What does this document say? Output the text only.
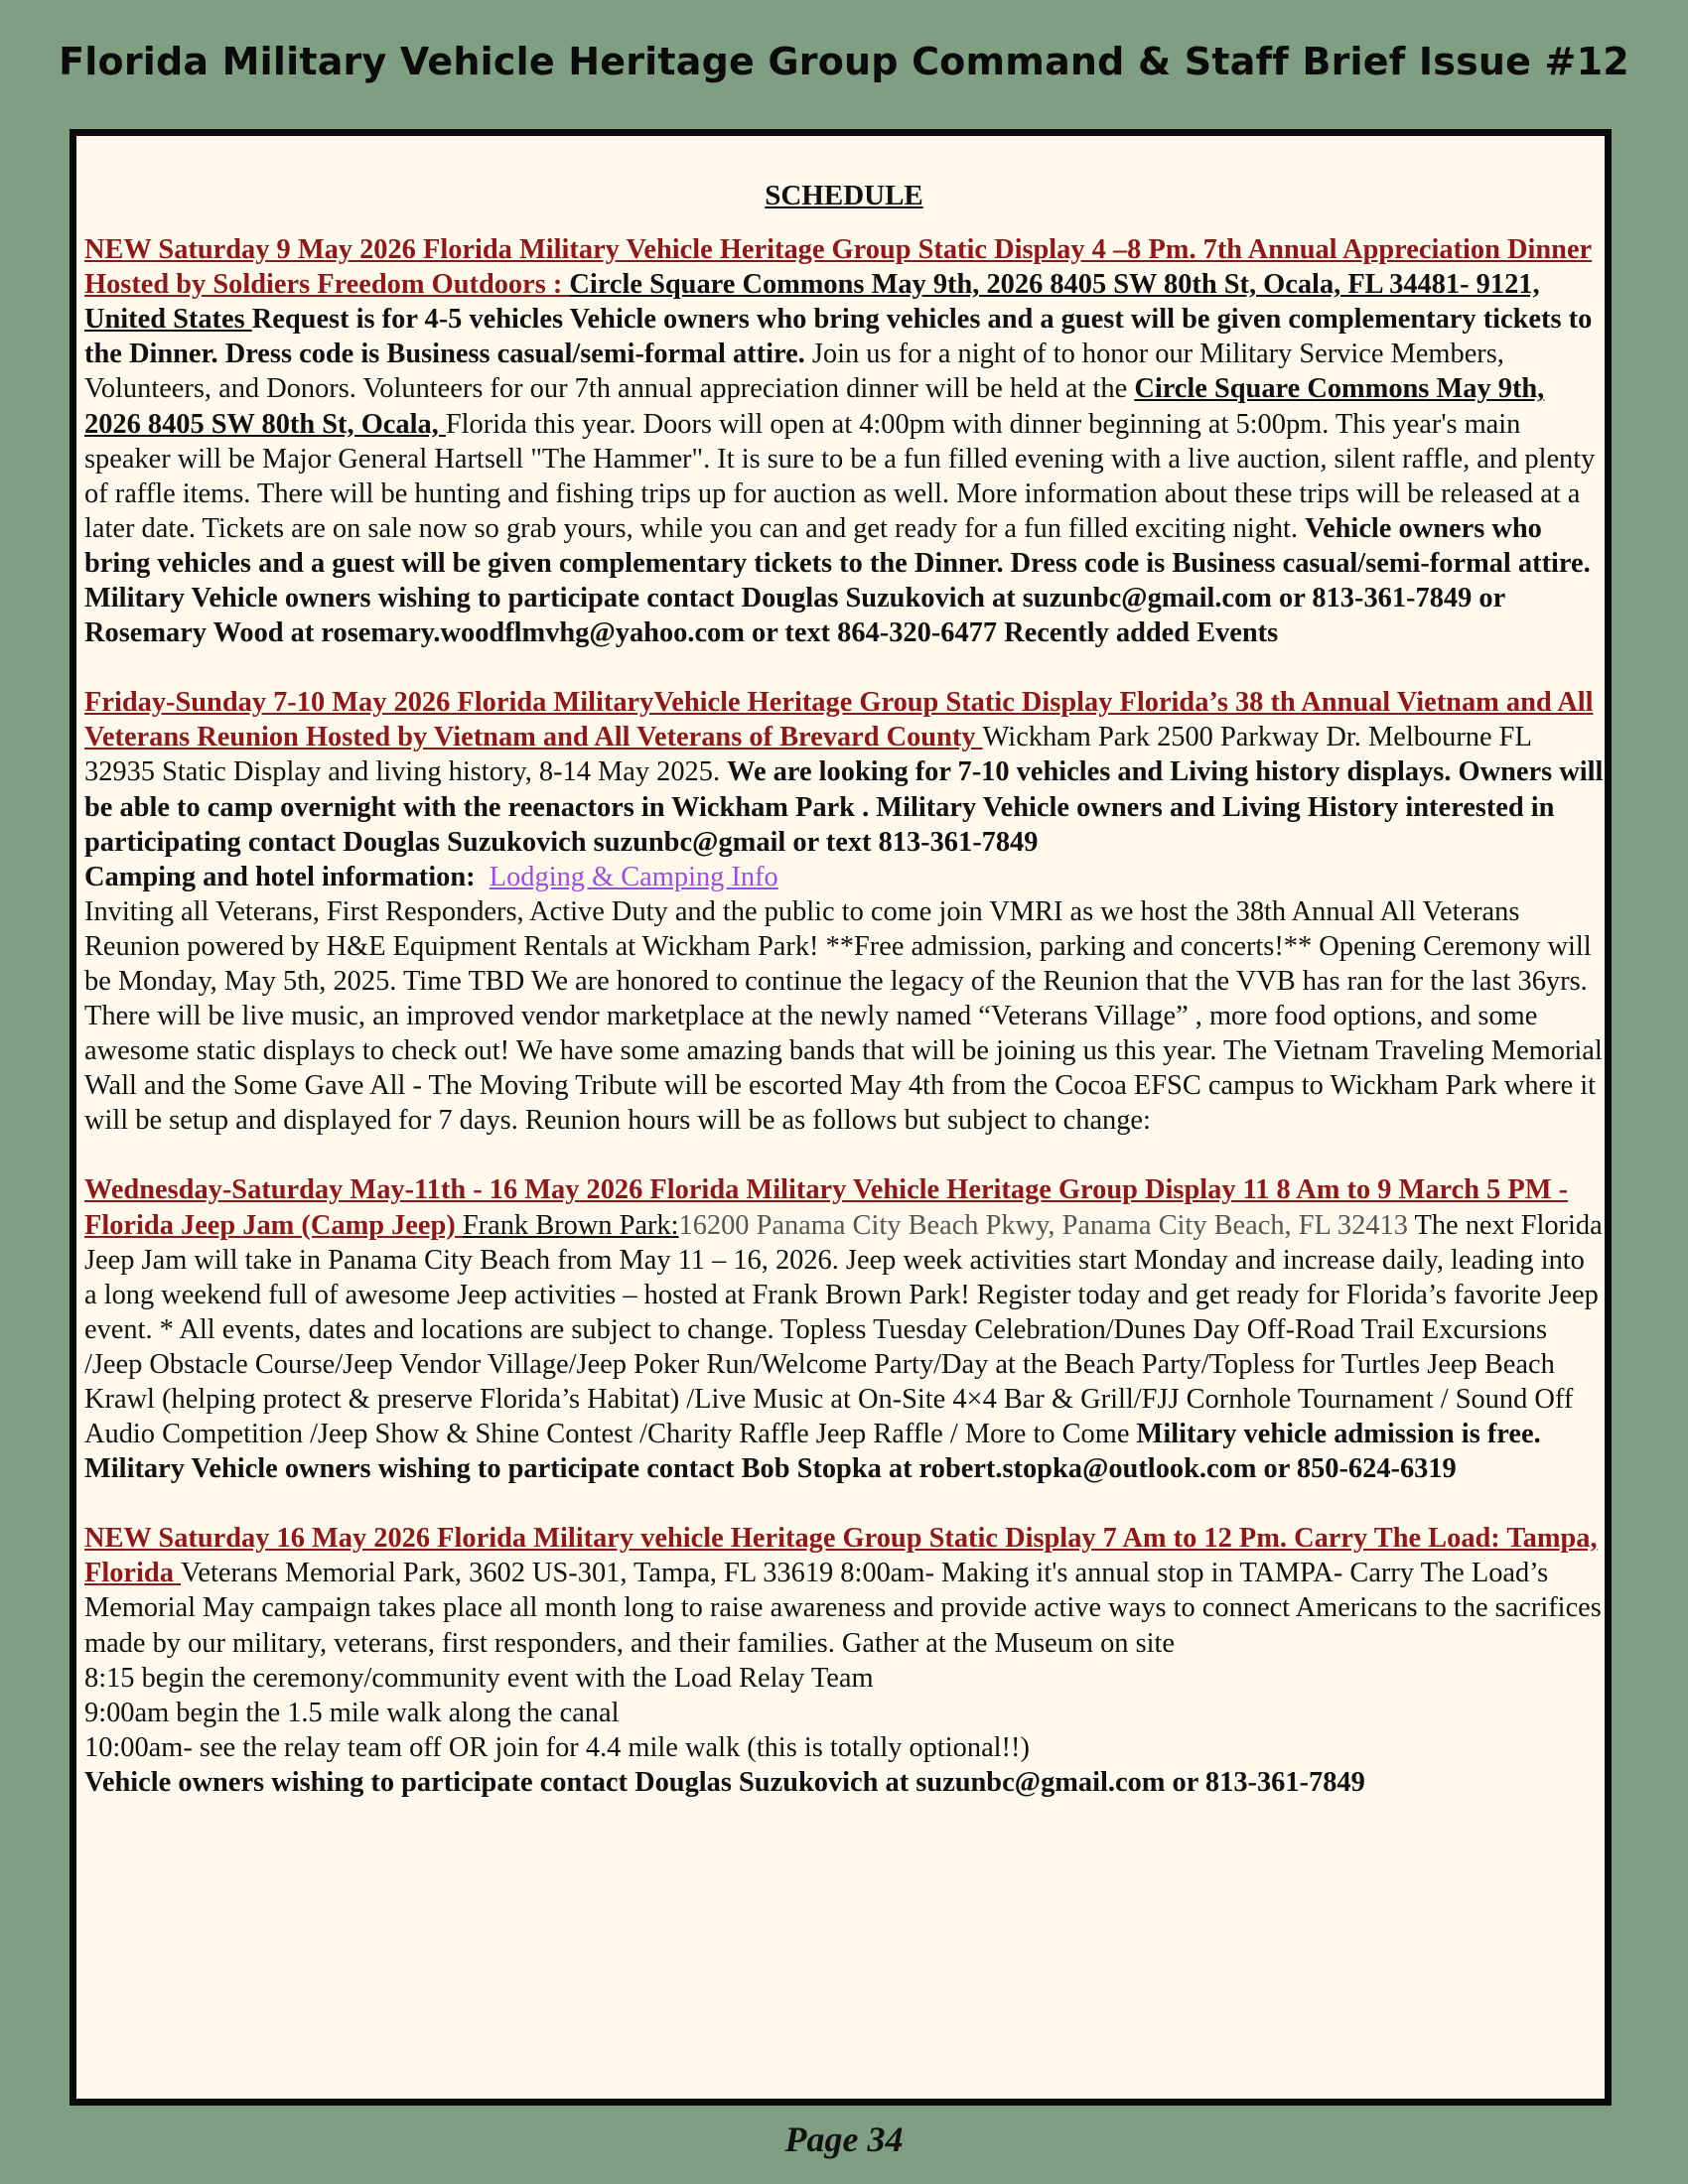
Florida Military Vehicle Heritage Group Command & Staff Brief Issue #12

SCHEDULE

NEW Saturday 9 May 2026 Florida Military Vehicle Heritage Group Static Display 4 –8 Pm. 7th Annual Appreciation Dinner Hosted by Soldiers Freedom Outdoors : Circle Square Commons May 9th, 2026 8405 SW 80th St, Ocala, FL 34481- 9121, United States Request is for 4-5 vehicles Vehicle owners who bring vehicles and a guest will be given complementary tickets to the Dinner. Dress code is Business casual/semi-formal attire. Join us for a night of to honor our Military Service Members, Volunteers, and Donors. Volunteers for our 7th annual appreciation dinner will be held at the Circle Square Commons May 9th, 2026 8405 SW 80th St, Ocala, Florida this year. Doors will open at 4:00pm with dinner beginning at 5:00pm. This year's main speaker will be Major General Hartsell "The Hammer". It is sure to be a fun filled evening with a live auction, silent raffle, and plenty of raffle items. There will be hunting and fishing trips up for auction as well. More information about these trips will be released at a later date. Tickets are on sale now so grab yours, while you can and get ready for a fun filled exciting night. Vehicle owners who bring vehicles and a guest will be given complementary tickets to the Dinner. Dress code is Business casual/semi-formal attire. Military Vehicle owners wishing to participate contact Douglas Suzukovich at suzunbc@gmail.com or 813-361-7849 or Rosemary Wood at rosemary.woodflmvhg@yahoo.com or text 864-320-6477 Recently added Events

Friday-Sunday 7-10 May 2026 Florida MilitaryVehicle Heritage Group Static Display Florida’s 38 th Annual Vietnam and All Veterans Reunion Hosted by Vietnam and All Veterans of Brevard County Wickham Park 2500 Parkway Dr. Melbourne FL 32935 Static Display and living history, 8-14 May 2025. We are looking for 7-10 vehicles and Living history displays. Owners will be able to camp overnight with the reenactors in Wickham Park . Military Vehicle owners and Living History interested in participating contact Douglas Suzukovich suzunbc@gmail or text 813-361-7849

Camping and hotel information: Lodging & Camping Info

Inviting all Veterans, First Responders, Active Duty and the public to come join VMRI as we host the 38th Annual All Veterans Reunion powered by H&E Equipment Rentals at Wickham Park! **Free admission, parking and concerts!** Opening Ceremony will be Monday, May 5th, 2025. Time TBD We are honored to continue the legacy of the Reunion that the VVB has ran for the last 36yrs. There will be live music, an improved vendor marketplace at the newly named “Veterans Village” , more food options, and some awesome static displays to check out! We have some amazing bands that will be joining us this year. The Vietnam Traveling Memorial Wall and the Some Gave All - The Moving Tribute will be escorted May 4th from the Cocoa EFSC campus to Wickham Park where it will be setup and displayed for 7 days. Reunion hours will be as follows but subject to change:

Wednesday-Saturday May-11th - 16 May 2026 Florida Military Vehicle Heritage Group Display 11 8 Am to 9 March 5 PM - Florida Jeep Jam (Camp Jeep) Frank Brown Park:16200 Panama City Beach Pkwy, Panama City Beach, FL 32413 The next Florida Jeep Jam will take in Panama City Beach from May 11 – 16, 2026. Jeep week activities start Monday and increase daily, leading into a long weekend full of awesome Jeep activities – hosted at Frank Brown Park! Register today and get ready for Florida’s favorite Jeep event. * All events, dates and locations are subject to change. Topless Tuesday Celebration/Dunes Day Off-Road Trail Excursions /Jeep Obstacle Course/Jeep Vendor Village/Jeep Poker Run/Welcome Party/Day at the Beach Party/Topless for Turtles Jeep Beach Krawl (helping protect & preserve Florida’s Habitat) /Live Music at On-Site 4×4 Bar & Grill/FJJ Cornhole Tournament / Sound Off Audio Competition /Jeep Show & Shine Contest /Charity Raffle Jeep Raffle / More to Come Military vehicle admission is free. Military Vehicle owners wishing to participate contact Bob Stopka at robert.stopka@outlook.com or 850-624-6319

NEW Saturday 16 May 2026 Florida Military vehicle Heritage Group Static Display 7 Am to 12 Pm. Carry The Load: Tampa, Florida Veterans Memorial Park, 3602 US-301, Tampa, FL 33619 8:00am- Making it's annual stop in TAMPA- Carry The Load’s Memorial May campaign takes place all month long to raise awareness and provide active ways to connect Americans to the sacrifices made by our military, veterans, first responders, and their families. Gather at the Museum on site

8:15 begin the ceremony/community event with the Load Relay Team

9:00am begin the 1.5 mile walk along the canal

10:00am- see the relay team off OR join for 4.4 mile walk (this is totally optional!!)

Vehicle owners wishing to participate contact Douglas Suzukovich at suzunbc@gmail.com or 813-361-7849

Page 34
